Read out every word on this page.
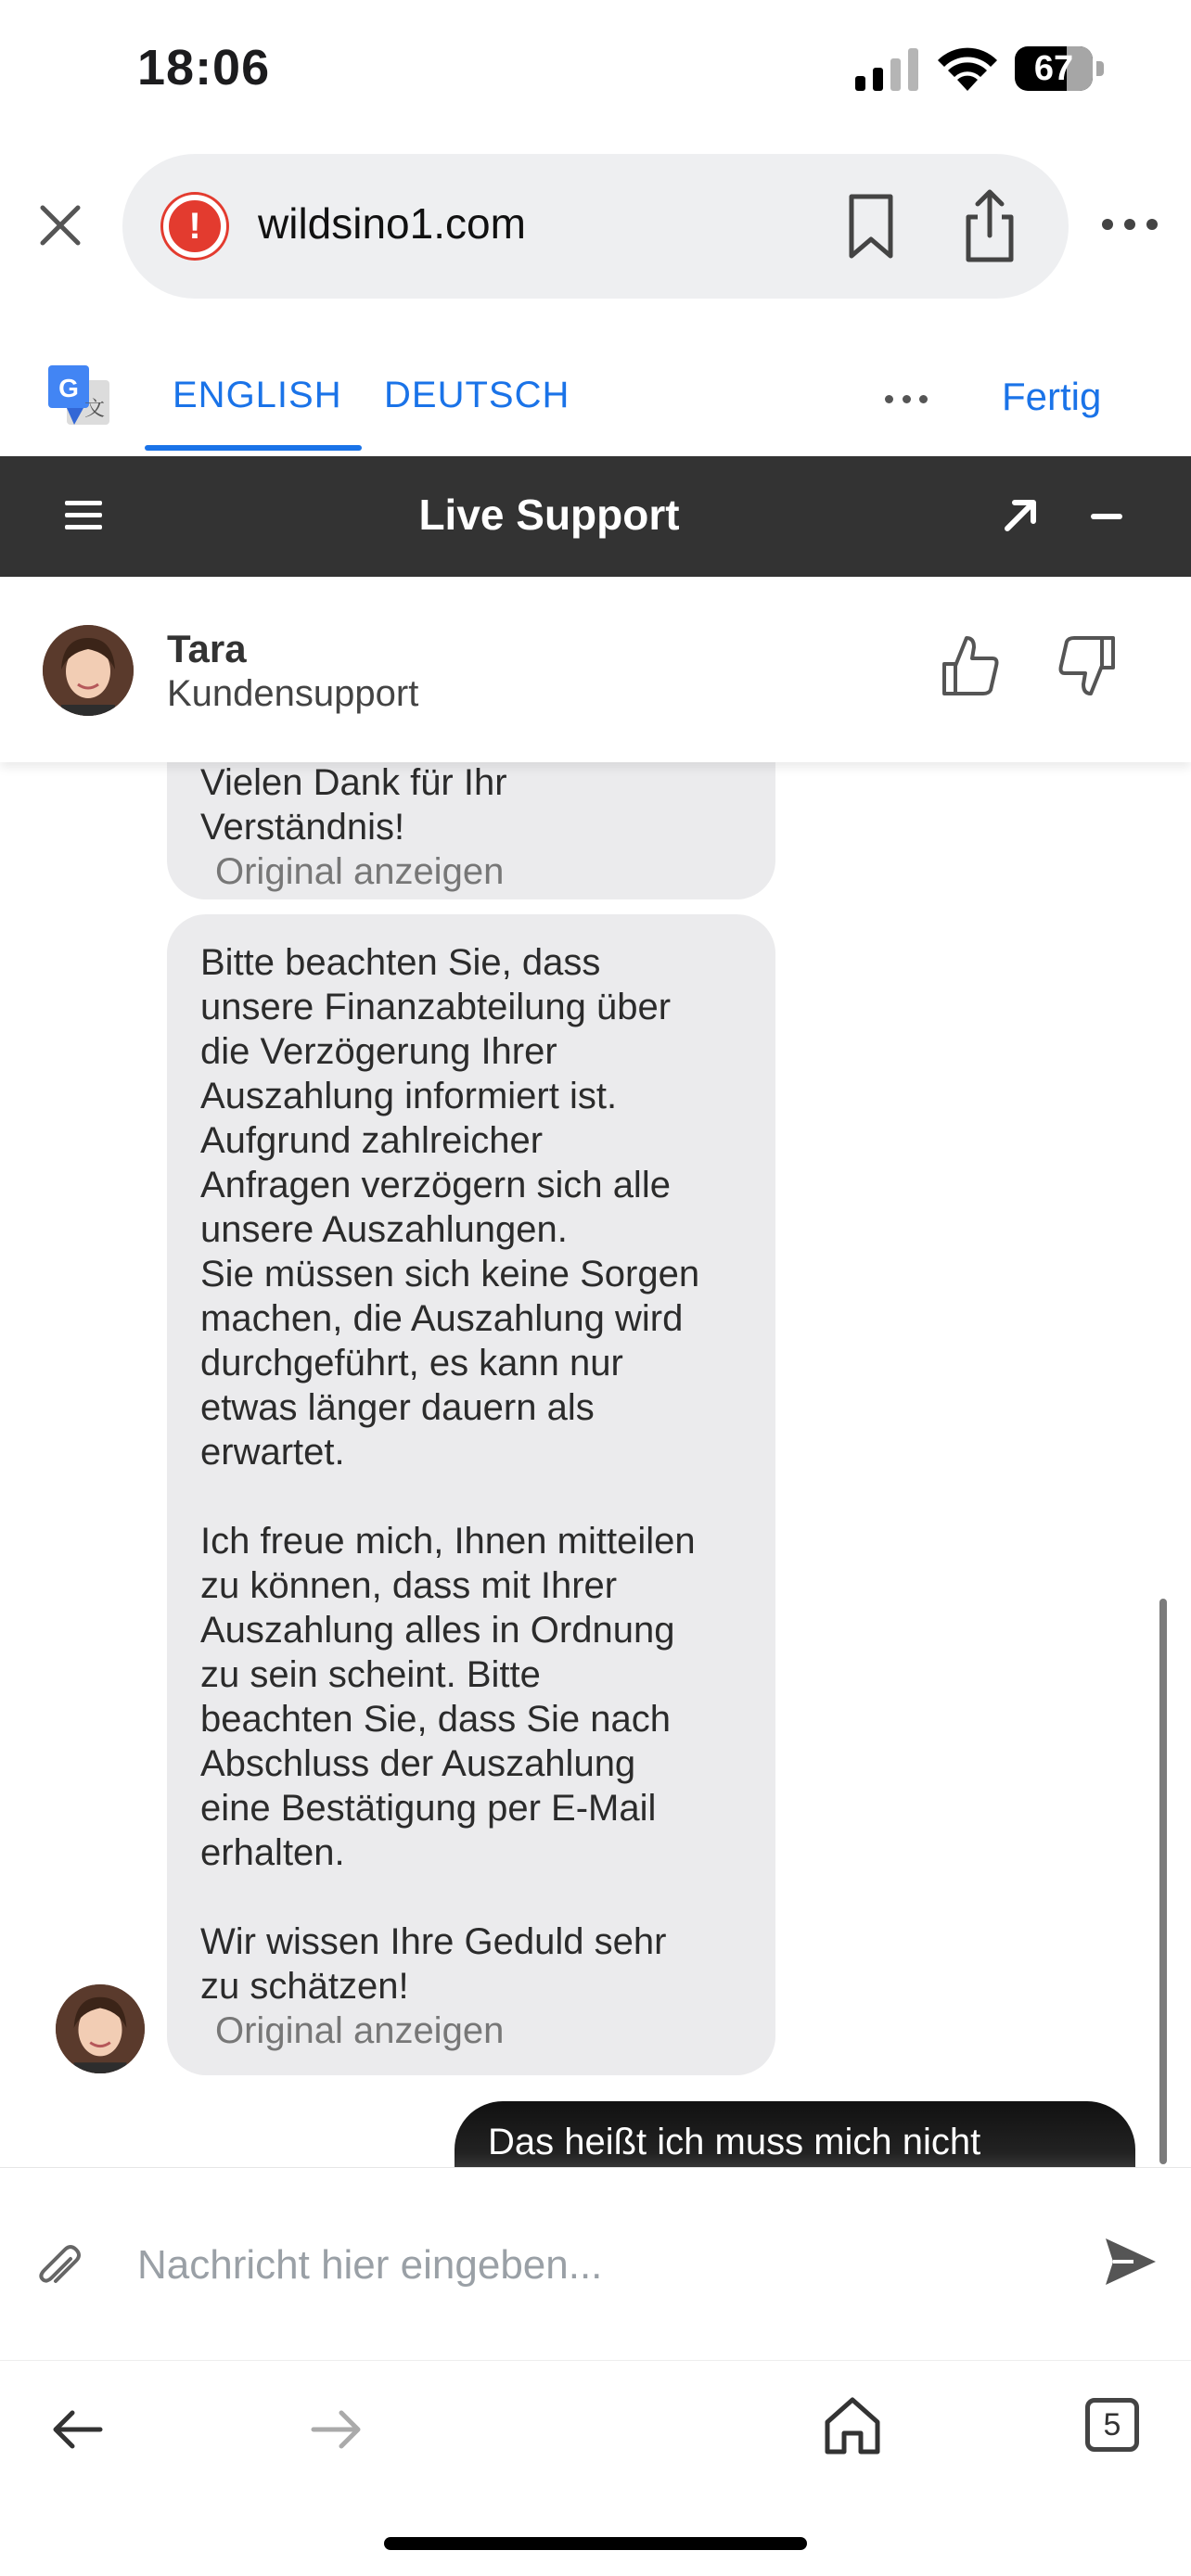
18:06	67
!	wildsino1.com
G
文 ENGLISH DEUTSCH	Fertig
Live Support
Tara
Kundensupport

Vielen Dank für Ihr
Verständnis!

Original anzeigen

Bitte beachten Sie, dass
unsere Finanzabteilung über
die Verzögerung Ihrer
Auszahlung informiert ist.
Aufgrund zahlreicher
Anfragen verzögern sich alle
unsere Auszahlungen.
Sie müssen sich keine Sorgen
machen, die Auszahlung wird
durchgeführt, es kann nur
etwas länger dauern als
erwartet.

Ich freue mich, Ihnen mitteilen
zu können, dass mit Ihrer
Auszahlung alles in Ordnung
zu sein scheint. Bitte
beachten Sie, dass Sie nach
Abschluss der Auszahlung
eine Bestätigung per E-Mail
erhalten.

Wir wissen Ihre Geduld sehr
zu schätzen!

Original anzeigen
Das heißt ich muss mich nicht
Nachricht hier eingeben...
5
